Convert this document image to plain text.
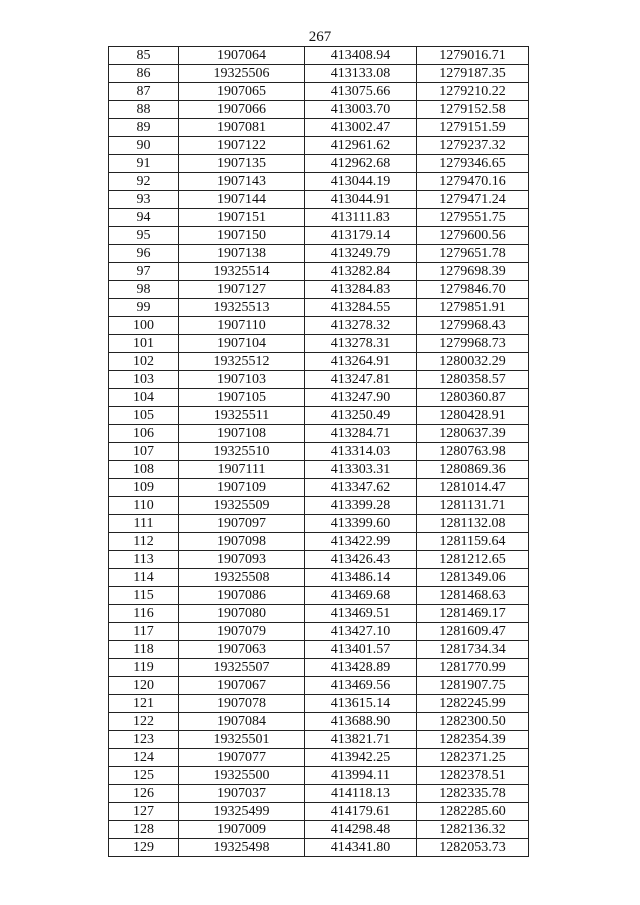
267
85	1907064	413408.94	1279016.71
86	19325506	413133.08	1279187.35
87	1907065	413075.66	1279210.22
88	1907066	413003.70	1279152.58
89	1907081	413002.47	1279151.59
90	1907122	412961.62	1279237.32
91	1907135	412962.68	1279346.65
92	1907143	413044.19	1279470.16
93	1907144	413044.91	1279471.24
94	1907151	413111.83	1279551.75
95	1907150	413179.14	1279600.56
96	1907138	413249.79	1279651.78
97	19325514	413282.84	1279698.39
98	1907127	413284.83	1279846.70
99	19325513	413284.55	1279851.91
100	1907110	413278.32	1279968.43
101	1907104	413278.31	1279968.73
102	19325512	413264.91	1280032.29
103	1907103	413247.81	1280358.57
104	1907105	413247.90	1280360.87
105	19325511	413250.49	1280428.91
106	1907108	413284.71	1280637.39
107	19325510	413314.03	1280763.98
108	1907111	413303.31	1280869.36
109	1907109	413347.62	1281014.47
110	19325509	413399.28	1281131.71
111	1907097	413399.60	1281132.08
112	1907098	413422.99	1281159.64
113	1907093	413426.43	1281212.65
114	19325508	413486.14	1281349.06
115	1907086	413469.68	1281468.63
116	1907080	413469.51	1281469.17
117	1907079	413427.10	1281609.47
118	1907063	413401.57	1281734.34
119	19325507	413428.89	1281770.99
120	1907067	413469.56	1281907.75
121	1907078	413615.14	1282245.99
122	1907084	413688.90	1282300.50
123	19325501	413821.71	1282354.39
124	1907077	413942.25	1282371.25
125	19325500	413994.11	1282378.51
126	1907037	414118.13	1282335.78
127	19325499	414179.61	1282285.60
128	1907009	414298.48	1282136.32
129	19325498	414341.80	1282053.73
